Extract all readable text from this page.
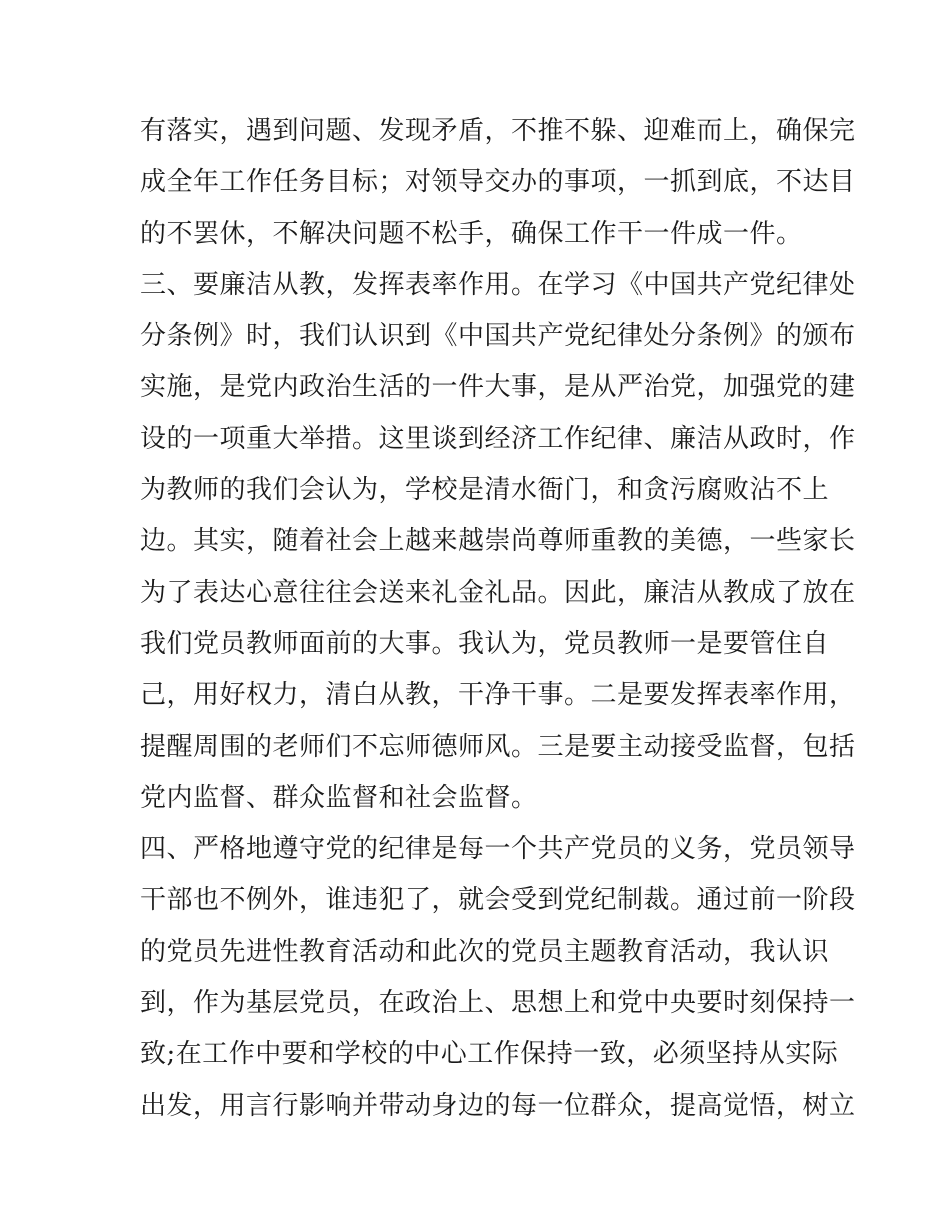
有落实，遇到问题、发现矛盾，不推不躲、迎难而上，确保完
成全年工作任务目标；对领导交办的事项，一抓到底，不达目
的不罢休，不解决问题不松手，确保工作干一件成一件。
三、要廉洁从教，发挥表率作用。在学习《中国共产党纪律处
分条例》时，我们认识到《中国共产党纪律处分条例》的颁布
实施，是党内政治生活的一件大事，是从严治党，加强党的建
设的一项重大举措。这里谈到经济工作纪律、廉洁从政时，作
为教师的我们会认为，学校是清水衙门，和贪污腐败沾不上
边。其实，随着社会上越来越崇尚尊师重教的美德，一些家长
为了表达心意往往会送来礼金礼品。因此，廉洁从教成了放在
我们党员教师面前的大事。我认为，党员教师一是要管住自
己，用好权力，清白从教，干净干事。二是要发挥表率作用，
提醒周围的老师们不忘师德师风。三是要主动接受监督，包括
党内监督、群众监督和社会监督。
四、严格地遵守党的纪律是每一个共产党员的义务，党员领导
干部也不例外，谁违犯了，就会受到党纪制裁。通过前一阶段
的党员先进性教育活动和此次的党员主题教育活动，我认识
到，作为基层党员，在政治上、思想上和党中央要时刻保持一
致;在工作中要和学校的中心工作保持一致，必须坚持从实际
出发，用言行影响并带动身边的每一位群众，提高觉悟，树立
